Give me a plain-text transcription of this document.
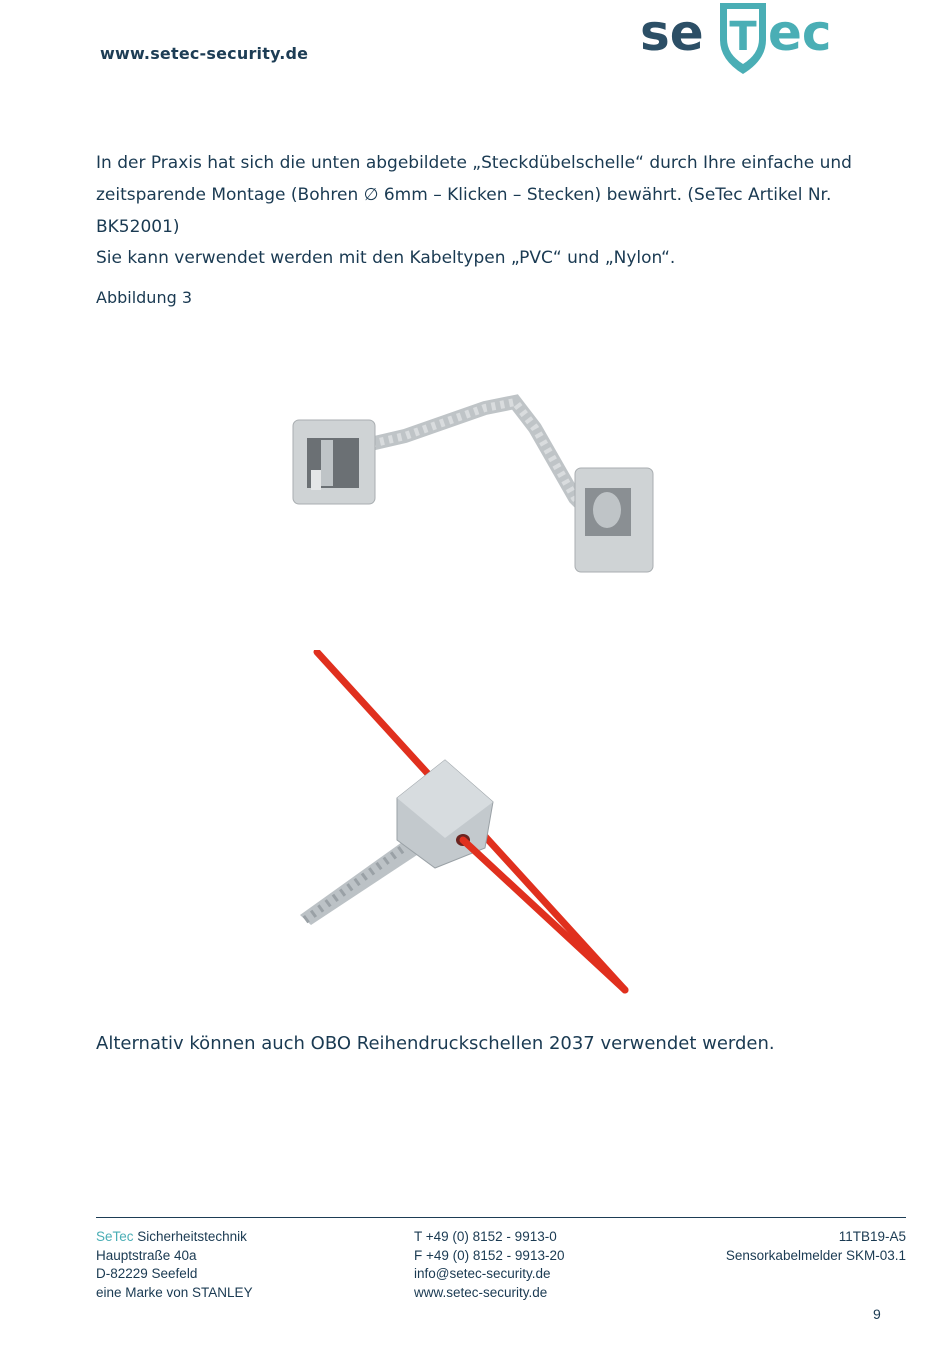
www.setec-security.de	se T ec
In der Praxis hat sich die unten abgebildete „Steckdübelschelle“ durch Ihre einfache und zeitsparende Montage (Bohren ∅ 6mm – Klicken – Stecken) bewährt. (SeTec Artikel Nr. BK52001)
Sie kann verwendet werden mit den Kabeltypen „PVC“ und „Nylon“.
Abbildung 3
Alternativ können auch OBO Reihendruckschellen 2037 verwendet werden.
SeTec Sicherheitstechnik
Hauptstraße 40a
D-82229 Seefeld
eine Marke von STANLEY
T +49 (0) 8152 - 9913-0
F +49 (0) 8152 - 9913-20
info@setec-security.de
www.setec-security.de
11TB19-A5
Sensorkabelmelder SKM-03.1
9
